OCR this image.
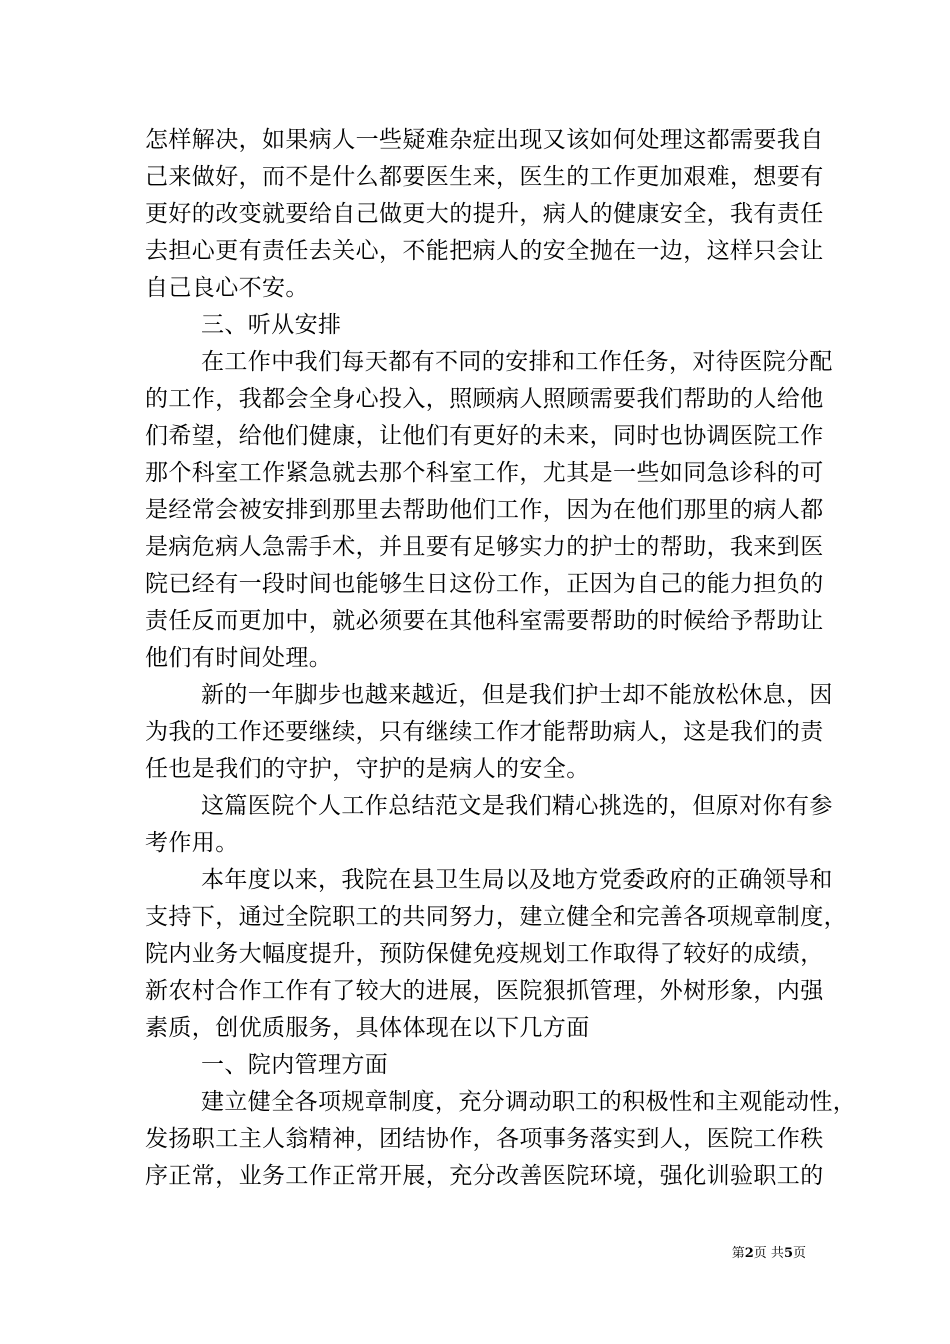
怎样解决，如果病人一些疑难杂症出现又该如何处理这都需要我自
己来做好，而不是什么都要医生来，医生的工作更加艰难，想要有
更好的改变就要给自己做更大的提升，病人的健康安全，我有责任
去担心更有责任去关心，不能把病人的安全抛在一边，这样只会让
自己良心不安。
三、听从安排
在工作中我们每天都有不同的安排和工作任务，对待医院分配
的工作，我都会全身心投入，照顾病人照顾需要我们帮助的人给他
们希望，给他们健康，让他们有更好的未来，同时也协调医院工作
那个科室工作紧急就去那个科室工作，尤其是一些如同急诊科的可
是经常会被安排到那里去帮助他们工作，因为在他们那里的病人都
是病危病人急需手术，并且要有足够实力的护士的帮助，我来到医
院已经有一段时间也能够生日这份工作，正因为自己的能力担负的
责任反而更加中，就必须要在其他科室需要帮助的时候给予帮助让
他们有时间处理。
新的一年脚步也越来越近，但是我们护士却不能放松休息，因
为我的工作还要继续，只有继续工作才能帮助病人，这是我们的责
任也是我们的守护，守护的是病人的安全。
这篇医院个人工作总结范文是我们精心挑选的，但原对你有参
考作用。
本年度以来，我院在县卫生局以及地方党委政府的正确领导和
支持下，通过全院职工的共同努力，建立健全和完善各项规章制度，
院内业务大幅度提升，预防保健免疫规划工作取得了较好的成绩，
新农村合作工作有了较大的进展，医院狠抓管理，外树形象，内强
素质，创优质服务，具体体现在以下几方面
一、院内管理方面
建立健全各项规章制度，充分调动职工的积极性和主观能动性，
发扬职工主人翁精神，团结协作，各项事务落实到人，医院工作秩
序正常，业务工作正常开展，充分改善医院环境，强化训验职工的
第2页 共5页
